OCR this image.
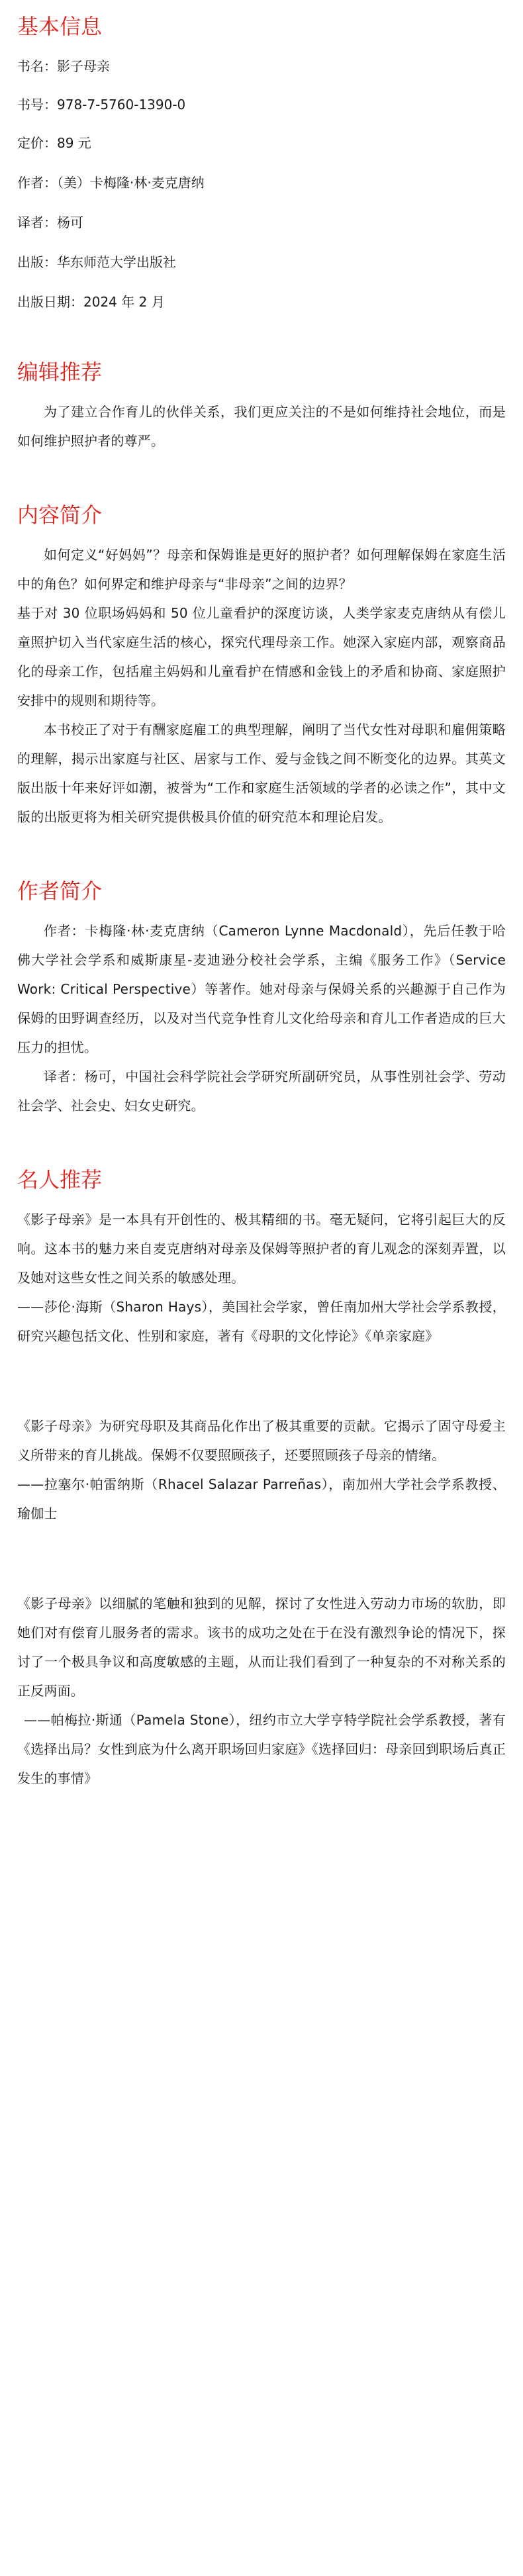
基本信息

书名：影子母亲

书号：978-7-5760-1390-0

定价：89 元

作者：（美）卡梅隆·林·麦克唐纳

译者：杨可

出版：华东师范大学出版社

出版日期：2024 年 2 月

编辑推荐

为了建立合作育儿的伙伴关系，我们更应关注的不是如何维持社会地位，而是如何维护照护者的尊严。

内容简介

如何定义“好妈妈”？母亲和保姆谁是更好的照护者？如何理解保姆在家庭生活中的角色？如何界定和维护母亲与“非母亲”之间的边界？

基于对 30 位职场妈妈和 50 位儿童看护的深度访谈，人类学家麦克唐纳从有偿儿童照护切入当代家庭生活的核心，探究代理母亲工作。她深入家庭内部，观察商品化的母亲工作，包括雇主妈妈和儿童看护在情感和金钱上的矛盾和协商、家庭照护安排中的规则和期待等。

本书校正了对于有酬家庭雇工的典型理解，阐明了当代女性对母职和雇佣策略的理解，揭示出家庭与社区、居家与工作、爱与金钱之间不断变化的边界。其英文版出版十年来好评如潮，被誉为“工作和家庭生活领域的学者的必读之作”，其中文版的出版更将为相关研究提供极具价值的研究范本和理论启发。

作者简介

作者：卡梅隆·林·麦克唐纳（Cameron Lynne Macdonald），先后任教于哈佛大学社会学系和威斯康星-麦迪逊分校社会学系，主编《服务工作》（Service Work: Critical Perspective）等著作。她对母亲与保姆关系的兴趣源于自己作为保姆的田野调查经历，以及对当代竞争性育儿文化给母亲和育儿工作者造成的巨大压力的担忧。

译者：杨可，中国社会科学院社会学研究所副研究员，从事性别社会学、劳动社会学、社会史、妇女史研究。

名人推荐

《影子母亲》是一本具有开创性的、极其精细的书。毫无疑问，它将引起巨大的反响。这本书的魅力来自麦克唐纳对母亲及保姆等照护者的育儿观念的深刻弄置，以及她对这些女性之间关系的敏感处理。

——莎伦·海斯（Sharon Hays），美国社会学家，曾任南加州大学社会学系教授，研究兴趣包括文化、性别和家庭，著有《母职的文化悖论》《单亲家庭》

《影子母亲》为研究母职及其商品化作出了极其重要的贡献。它揭示了固守母爱主义所带来的育儿挑战。保姆不仅要照顾孩子，还要照顾孩子母亲的情绪。

——拉塞尔·帕雷纳斯（Rhacel Salazar Parreñas），南加州大学社会学系教授、瑜伽士

《影子母亲》以细腻的笔触和独到的见解，探讨了女性进入劳动力市场的软肋，即她们对有偿育儿服务者的需求。该书的成功之处在于在没有激烈争论的情况下，探讨了一个极具争议和高度敏感的主题，从而让我们看到了一种复杂的不对称关系的正反两面。

——帕梅拉·斯通（Pamela Stone），纽约市立大学亨特学院社会学系教授，著有《选择出局？女性到底为什么离开职场回归家庭》《选择回归：母亲回到职场后真正发生的事情》
